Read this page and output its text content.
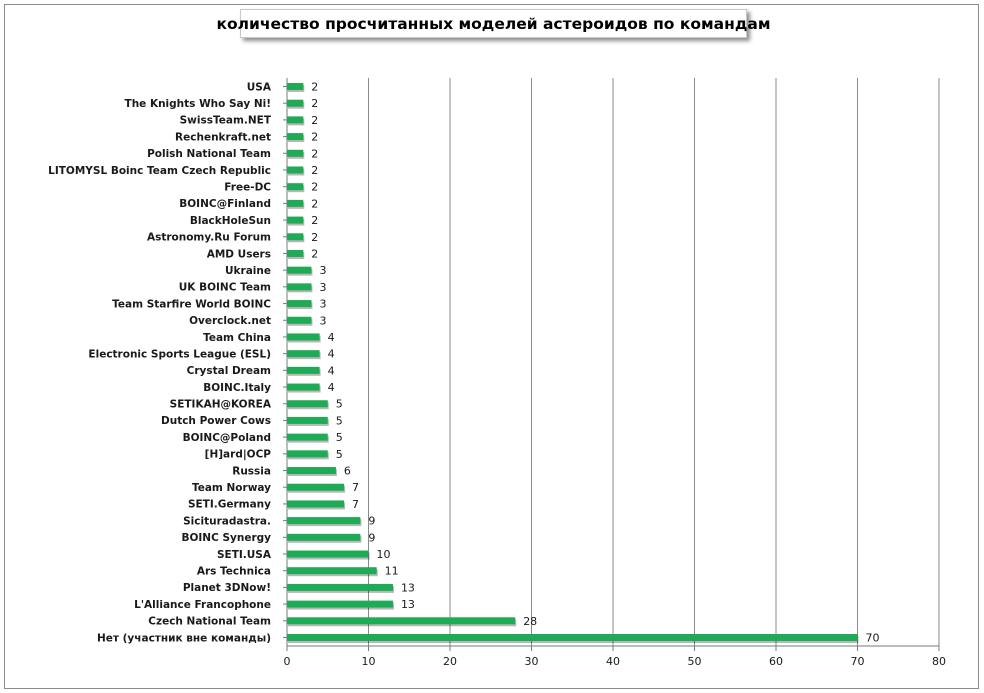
0	10	20	30	40	50	60	70	80
USA	2
The Knights Who Say Ni!	2
SwissTeam.NET	2
Rechenkraft.net	2
Polish National Team	2
LITOMYSL Boinc Team Czech Republic	2
Free-DC	2
BOINC@Finland	2
BlackHoleSun	2
Astronomy.Ru Forum	2
AMD Users	2
Ukraine	3
UK BOINC Team	3
Team Starfire World BOINC	3
Overclock.net	3
Team China	4
Electronic Sports League (ESL)	4
Crystal Dream	4
BOINC.Italy	4
SETIKAH@KOREA	5
Dutch Power Cows	5
BOINC@Poland	5
[H]ard|OCP	5
Russia	6
Team Norway	7
SETI.Germany	7
Sicituradastra.	9
BOINC Synergy	9
SETI.USA	10
Ars Technica	11
Planet 3DNow!	13
L'Alliance Francophone	13
Czech National Team	28
Нет (участник вне команды)	70
количество просчитанных моделей астероидов по командам
